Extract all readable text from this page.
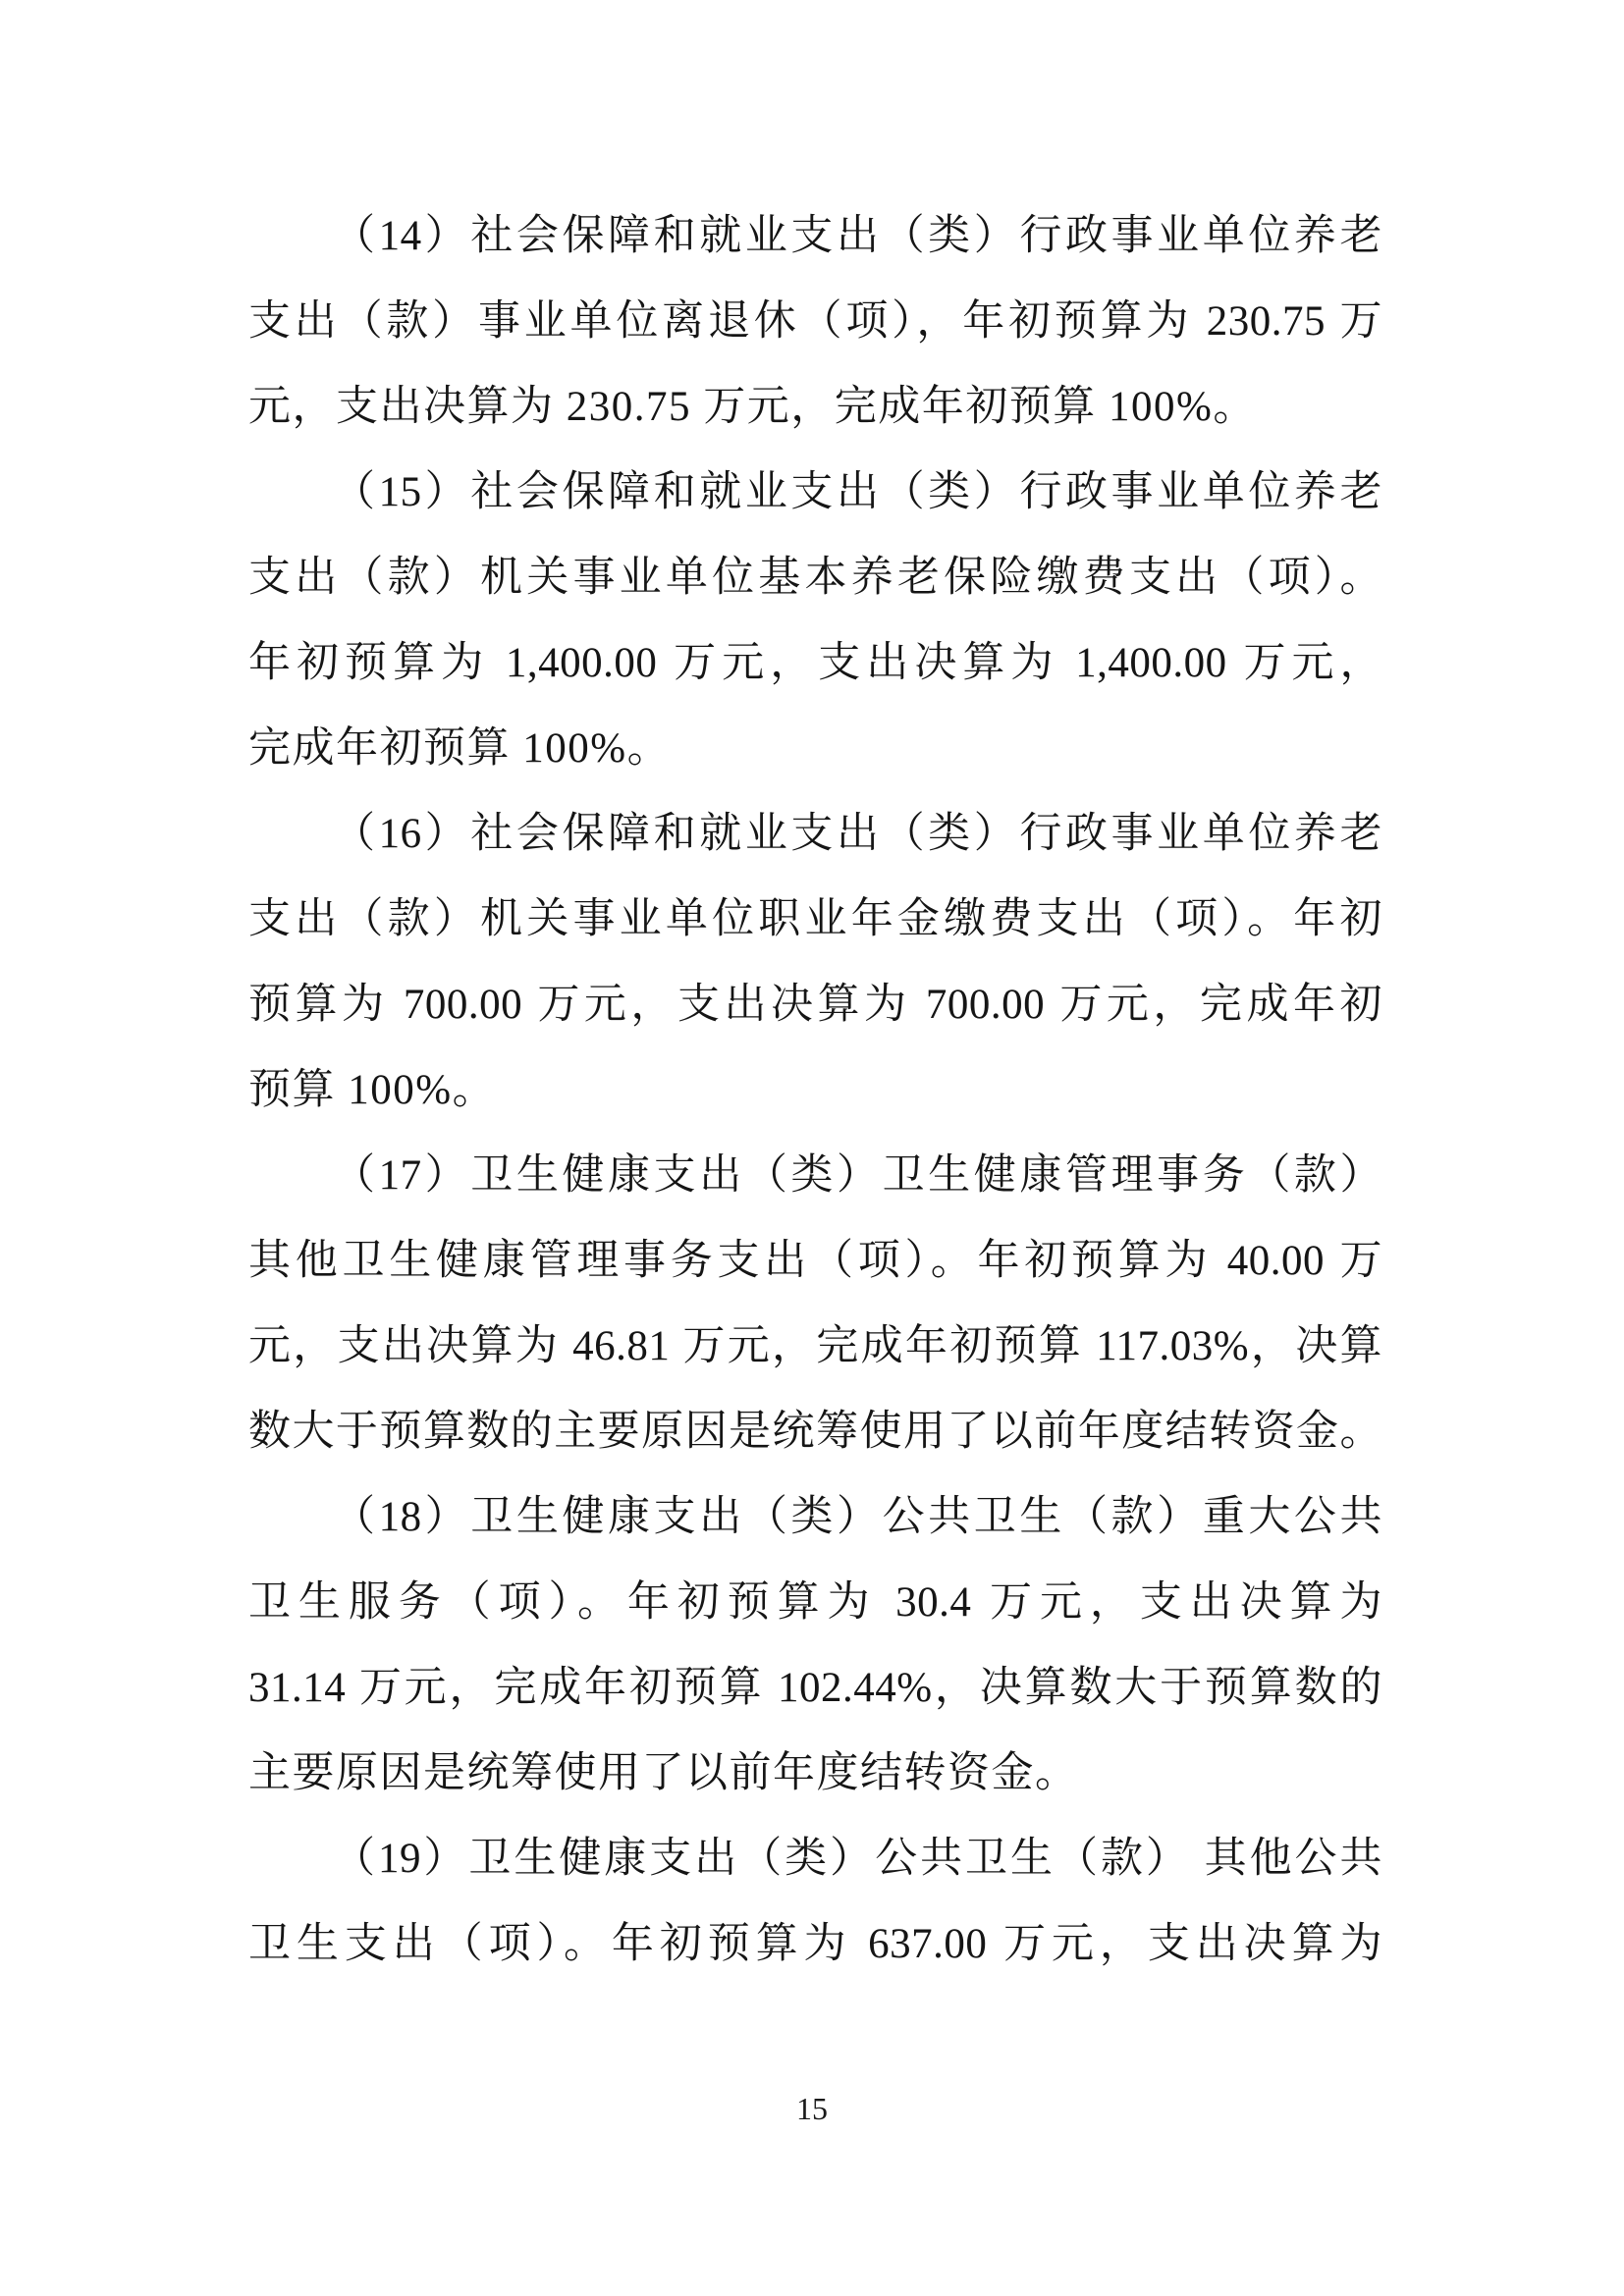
（14）社会保障和就业支出（类）行政事业单位养老
支出（款）事业单位离退休（项），年初预算为 230.75 万
元，支出决算为 230.75 万元，完成年初预算 100%。
（15）社会保障和就业支出（类）行政事业单位养老
支出（款）机关事业单位基本养老保险缴费支出（项）。
年初预算为 1,400.00 万元，支出决算为 1,400.00 万元，
完成年初预算 100%。
（16）社会保障和就业支出（类）行政事业单位养老
支出（款）机关事业单位职业年金缴费支出（项）。年初
预算为 700.00 万元，支出决算为 700.00 万元，完成年初
预算 100%。
（17）卫生健康支出（类）卫生健康管理事务（款）
其他卫生健康管理事务支出（项）。年初预算为 40.00 万
元，支出决算为 46.81 万元，完成年初预算 117.03%，决算
数大于预算数的主要原因是统筹使用了以前年度结转资金。
（18）卫生健康支出（类）公共卫生（款）重大公共
卫生服务（项）。年初预算为 30.4 万元，支出决算为
31.14 万元，完成年初预算 102.44%，决算数大于预算数的
主要原因是统筹使用了以前年度结转资金。
（19）卫生健康支出（类）公共卫生（款） 其他公共
卫生支出（项）。年初预算为 637.00 万元，支出决算为
15
